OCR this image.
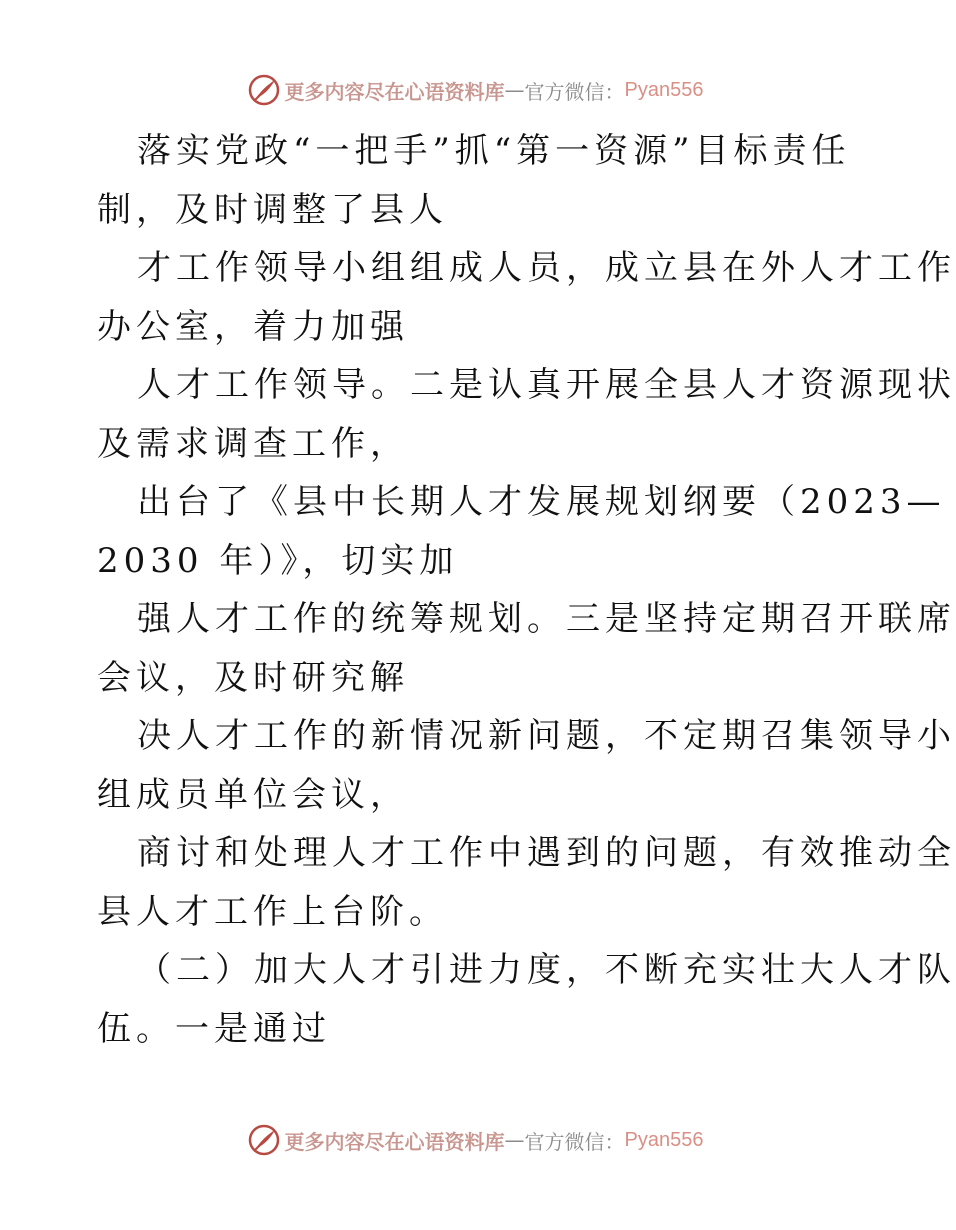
更多内容尽在心语资料库 — 官方微信： Pyan556
落实党政“一把手”抓“第一资源”目标责任
制，及时调整了县人
才工作领导小组组成人员，成立县在外人才工作
办公室，着力加强
人才工作领导。二是认真开展全县人才资源现状
及需求调查工作，
出台了《县中长期人才发展规划纲要（2023—
2030 年）》，切实加
强人才工作的统筹规划。三是坚持定期召开联席
会议，及时研究解
决人才工作的新情况新问题，不定期召集领导小
组成员单位会议，
商讨和处理人才工作中遇到的问题，有效推动全
县人才工作上台阶。
（二）加大人才引进力度，不断充实壮大人才队
伍。一是通过
更多内容尽在心语资料库 — 官方微信： Pyan556
